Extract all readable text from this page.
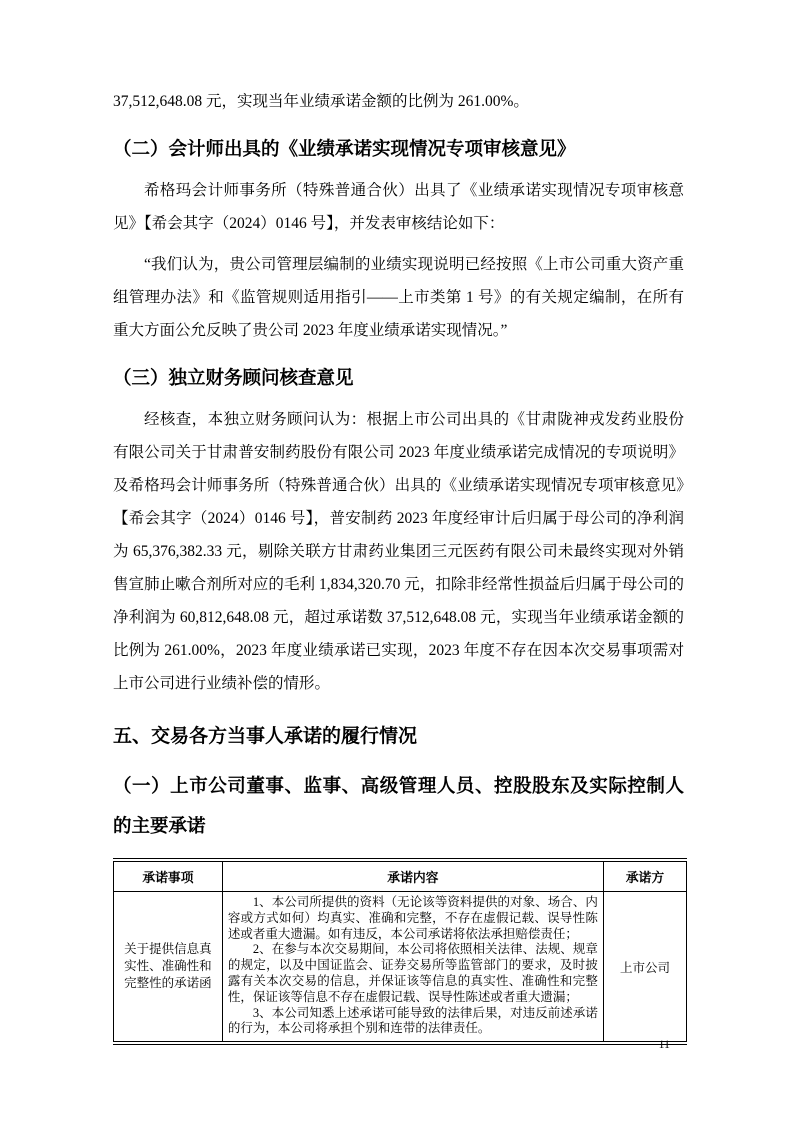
37,512,648.08 元，实现当年业绩承诺金额的比例为 261.00%。

（二）会计师出具的《业绩承诺实现情况专项审核意见》

希格玛会计师事务所（特殊普通合伙）出具了《业绩承诺实现情况专项审核意见》【希会其字（2024）0146 号】，并发表审核结论如下：

“我们认为，贵公司管理层编制的业绩实现说明已经按照《上市公司重大资产重组管理办法》和《监管规则适用指引——上市类第 1 号》的有关规定编制，在所有重大方面公允反映了贵公司 2023 年度业绩承诺实现情况。”

（三）独立财务顾问核查意见

经核查，本独立财务顾问认为：根据上市公司出具的《甘肃陇神戎发药业股份有限公司关于甘肃普安制药股份有限公司 2023 年度业绩承诺完成情况的专项说明》及希格玛会计师事务所（特殊普通合伙）出具的《业绩承诺实现情况专项审核意见》【希会其字（2024）0146 号】，普安制药 2023 年度经审计后归属于母公司的净利润为 65,376,382.33 元，剔除关联方甘肃药业集团三元医药有限公司未最终实现对外销售宣肺止嗽合剂所对应的毛利 1,834,320.70 元，扣除非经常性损益后归属于母公司的净利润为 60,812,648.08 元，超过承诺数 37,512,648.08 元，实现当年业绩承诺金额的比例为 261.00%，2023 年度业绩承诺已实现，2023 年度不存在因本次交易事项需对上市公司进行业绩补偿的情形。

五、交易各方当事人承诺的履行情况
（一）上市公司董事、监事、高级管理人员、控股股东及实际控制人的主要承诺
承诺事项	承诺内容	承诺方
关于提供信息真实性、准确性和完整性的承诺函	1、本公司所提供的资料（无论该等资料提供的对象、场合、内容或方式如何）均真实、准确和完整，不存在虚假记载、误导性陈述或者重大遗漏。如有违反，本公司承诺将依法承担赔偿责任；

2、在参与本次交易期间，本公司将依照相关法律、法规、规章的规定，以及中国证监会、证券交易所等监管部门的要求，及时披露有关本次交易的信息，并保证该等信息的真实性、准确性和完整性，保证该等信息不存在虚假记载、误导性陈述或者重大遗漏；

3、本公司知悉上述承诺可能导致的法律后果，对违反前述承诺的行为，本公司将承担个别和连带的法律责任。	上市公司
11
